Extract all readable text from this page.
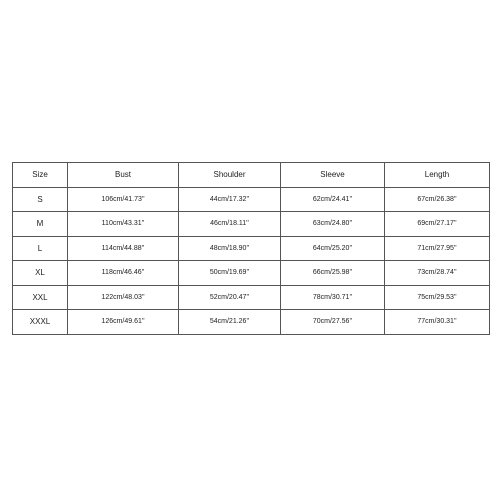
Size	Bust	Shoulder	Sleeve	Length
S	106cm/41.73''	44cm/17.32''	62cm/24.41''	67cm/26.38''
M	110cm/43.31''	46cm/18.11''	63cm/24.80''	69cm/27.17''
L	114cm/44.88''	48cm/18.90''	64cm/25.20''	71cm/27.95''
XL	118cm/46.46''	50cm/19.69''	66cm/25.98''	73cm/28.74''
XXL	122cm/48.03''	52cm/20.47''	78cm/30.71''	75cm/29.53''
XXXL	126cm/49.61''	54cm/21.26''	70cm/27.56''	77cm/30.31''
